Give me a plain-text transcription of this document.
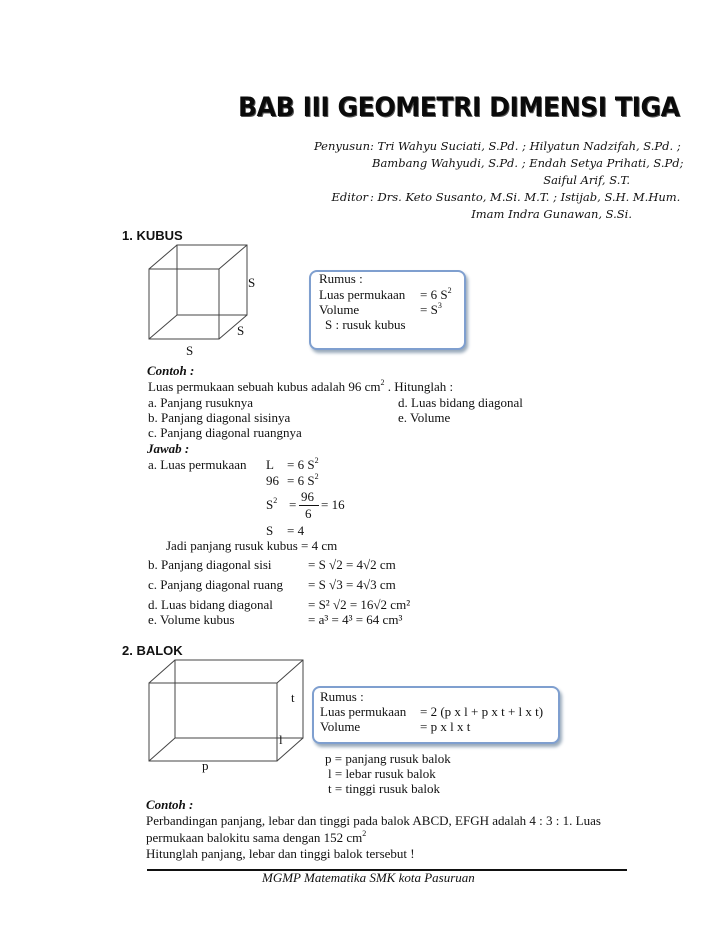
BAB III GEOMETRI DIMENSI TIGA
Penyusun : Tri Wahyu Suciati, S.Pd. ; Hilyatun Nadzifah, S.Pd. ;
Bambang Wahyudi, S.Pd. ; Endah Setya Prihati, S.Pd;
Saiful Arif, S.T.
Editor : Drs. Keto Susanto, M.Si. M.T. ; Istijab, S.H. M.Hum.
Imam Indra Gunawan, S.Si.
1. KUBUS
S
S
S
Rumus :
Luas permukaan = 6 $S^2$
Volume	= $S^3$
S : rusuk kubus
Contoh :
Luas permukaan sebuah kubus adalah 96 $cm^2$ . Hitunglah :
a. Panjang rusuknya
b. Panjang diagonal sisinya
c. Panjang diagonal ruangnya
d. Luas bidang diagonal
e. Volume
Jawab :
a. Luas permukaan L = 6 $S^2$
96 = 6 $S^2$
$S^2$ =
96
6
= 16
S = 4
Jadi panjang rusuk kubus = 4 cm
b. Panjang diagonal sisi	= S √2 = 4√2 cm
c. Panjang diagonal ruang = S √3 = 4√3 cm
d. Luas bidang diagonal	= S² √2 = 16√2 cm²
e. Volume kubus	= a³ = 4³ = 64 cm³
2. BALOK
t
l
p
Rumus :
Luas permukaan = 2 (p x l + p x t + l x t)
Volume	= p x l x t
p = panjang rusuk balok
l = lebar rusuk balok
t = tinggi rusuk balok
Contoh :
Perbandingan panjang, lebar dan tinggi pada balok ABCD, EFGH adalah 4 : 3 : 1. Luas
permukaan balokitu sama dengan 152 $cm^2$
Hitunglah panjang, lebar dan tinggi balok tersebut !
MGMP Matematika SMK kota Pasuruan
